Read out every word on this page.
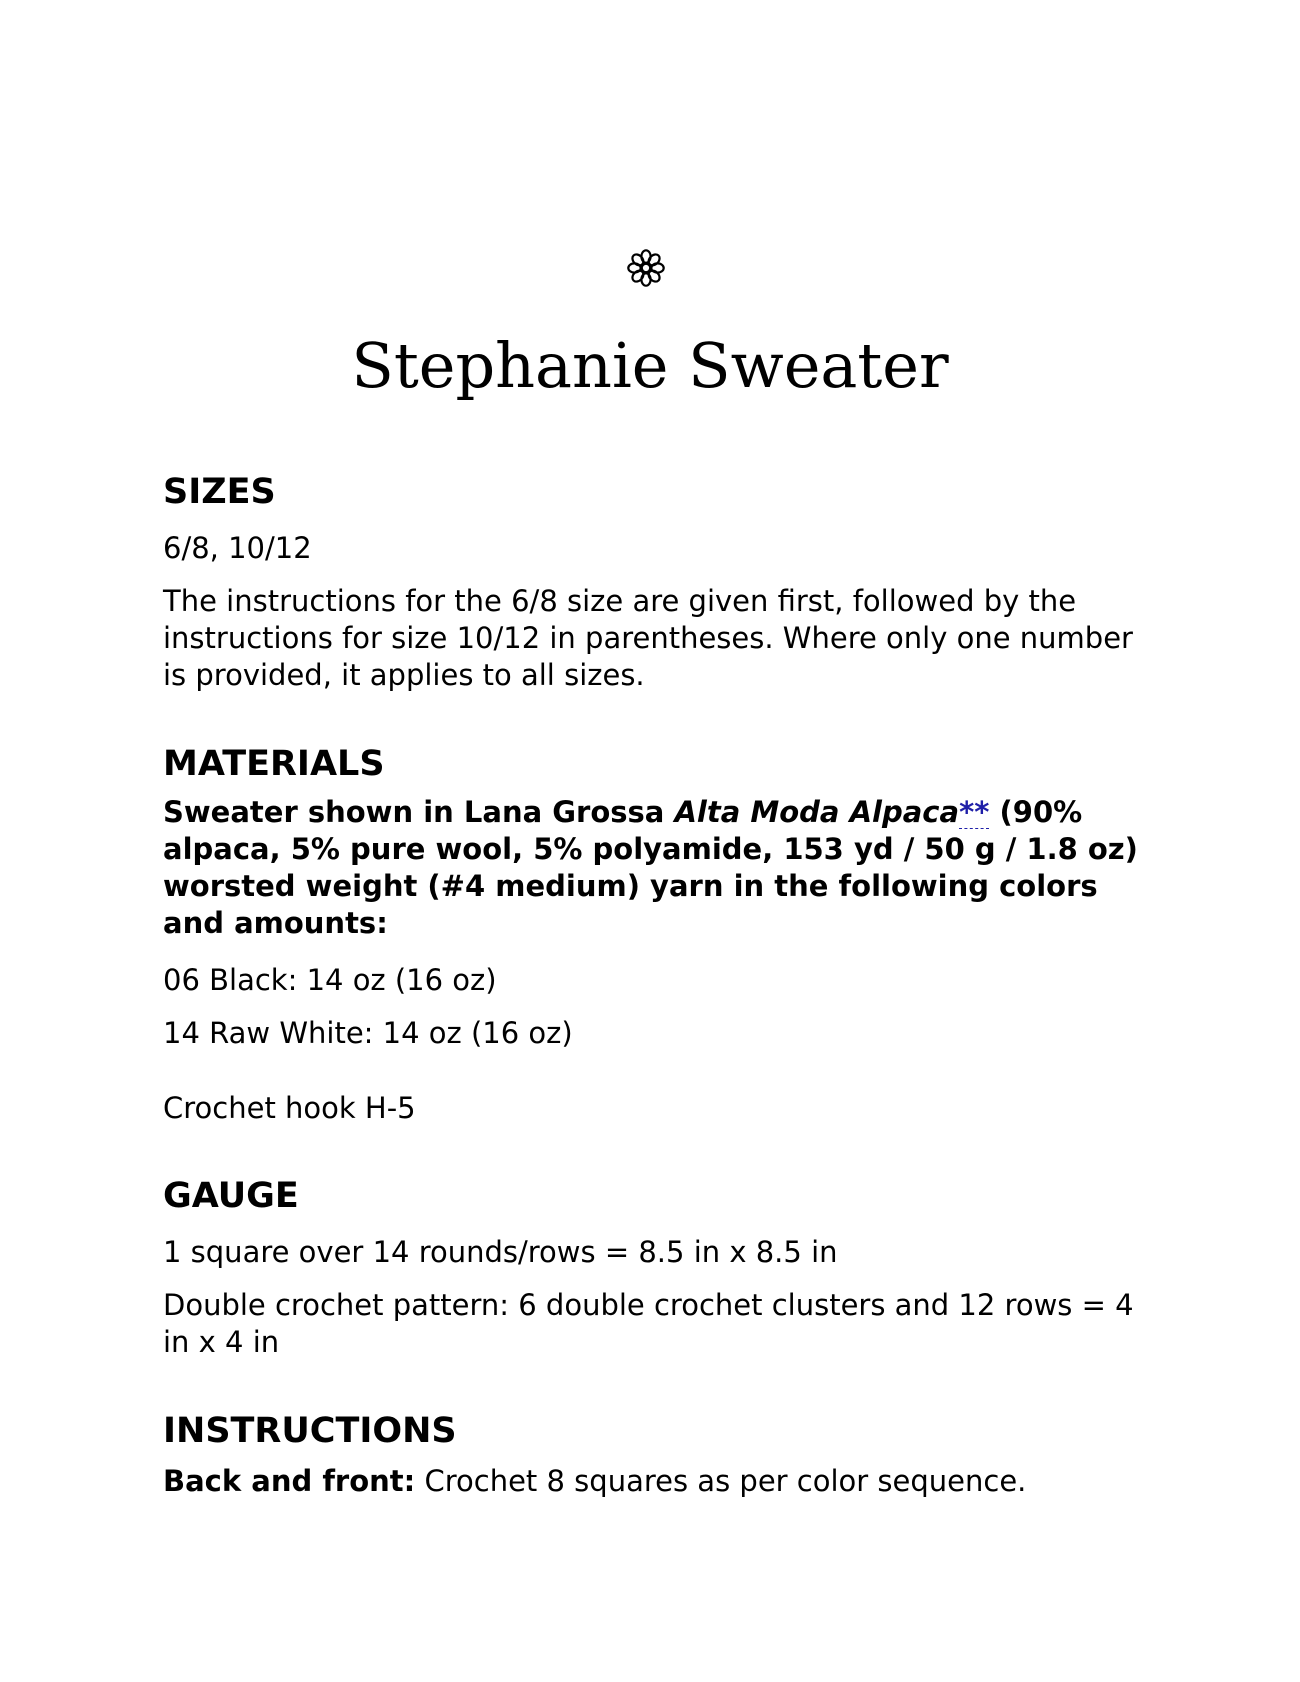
Stephanie Sweater
SIZES

6/8, 10/12

The instructions for the 6/8 size are given first, followed by the instructions for size 10/12 in parentheses. Where only one number is provided, it applies to all sizes.

MATERIALS

Sweater shown in Lana Grossa Alta Moda Alpaca** (90% alpaca, 5% pure wool, 5% polyamide, 153 yd / 50 g / 1.8 oz) worsted weight (#4 medium) yarn in the following colors and amounts:

06 Black: 14 oz (16 oz)

14 Raw White: 14 oz (16 oz)

Crochet hook H-5

GAUGE

1 square over 14 rounds/rows = 8.5 in x 8.5 in

Double crochet pattern: 6 double crochet clusters and 12 rows = 4 in x 4 in

INSTRUCTIONS

Back and front: Crochet 8 squares as per color sequence.
